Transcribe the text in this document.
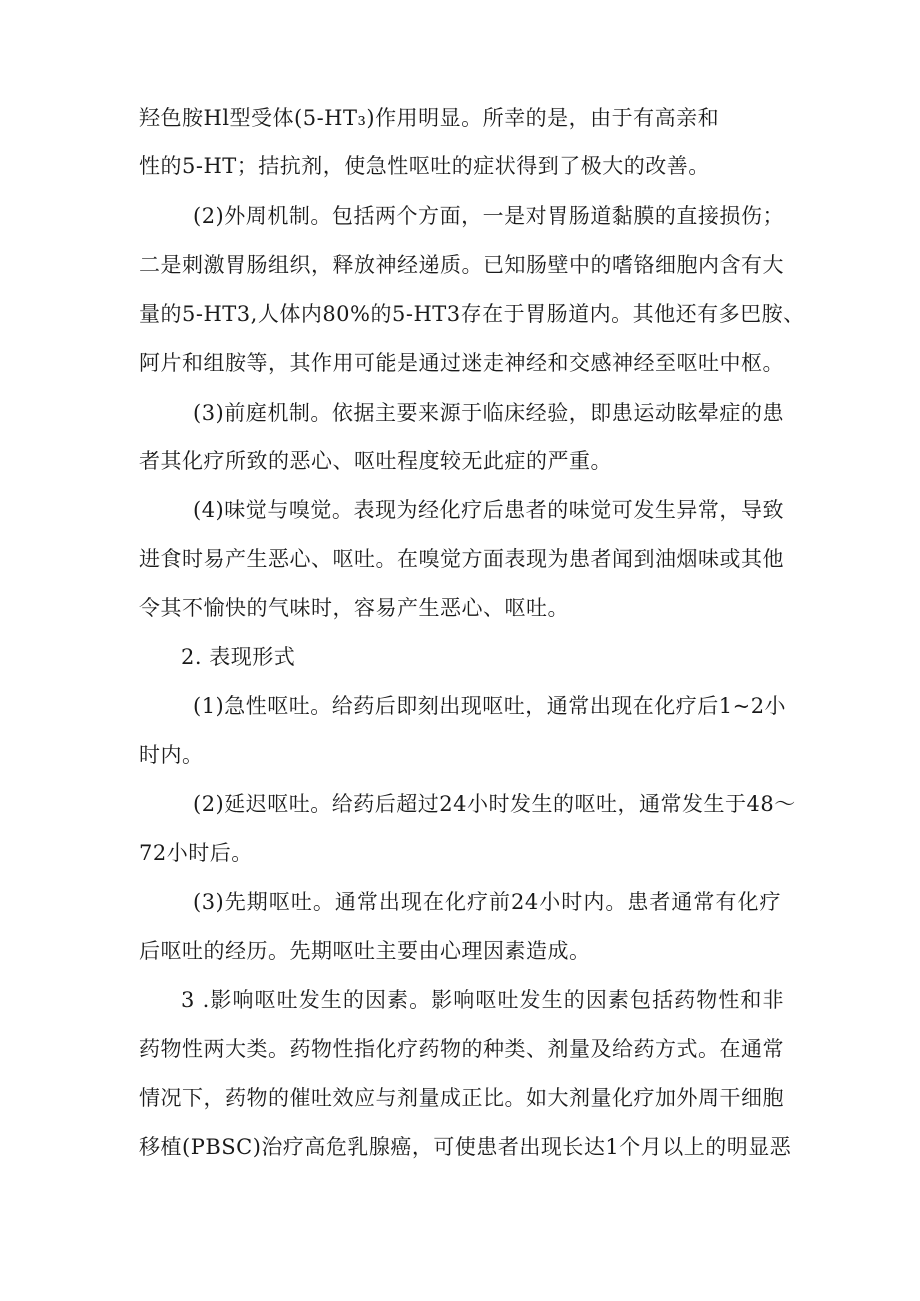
羟色胺Hl型受体(5-HT₃)作用明显。所幸的是，由于有高亲和
性的5-HT；拮抗剂，使急性呕吐的症状得到了极大的改善。
(2)外周机制。包括两个方面，一是对胃肠道黏膜的直接损伤；
二是刺激胃肠组织，释放神经递质。已知肠壁中的嗜铬细胞内含有大
量的5-HT3,人体内80%的5-HT3存在于胃肠道内。其他还有多巴胺、
阿片和组胺等，其作用可能是通过迷走神经和交感神经至呕吐中枢。
(3)前庭机制。依据主要来源于临床经验，即患运动眩晕症的患
者其化疗所致的恶心、呕吐程度较无此症的严重。
(4)味觉与嗅觉。表现为经化疗后患者的味觉可发生异常，导致
进食时易产生恶心、呕吐。在嗅觉方面表现为患者闻到油烟味或其他
令其不愉快的气味时，容易产生恶心、呕吐。
2. 表现形式
(1)急性呕吐。给药后即刻出现呕吐，通常出现在化疗后1~2小
时内。
(2)延迟呕吐。给药后超过24小时发生的呕吐，通常发生于48～
72小时后。
(3)先期呕吐。通常出现在化疗前24小时内。患者通常有化疗
后呕吐的经历。先期呕吐主要由心理因素造成。
3 .影响呕吐发生的因素。影响呕吐发生的因素包括药物性和非
药物性两大类。药物性指化疗药物的种类、剂量及给药方式。在通常
情况下，药物的催吐效应与剂量成正比。如大剂量化疗加外周干细胞
移植(PBSC)治疗高危乳腺癌，可使患者出现长达1个月以上的明显恶
